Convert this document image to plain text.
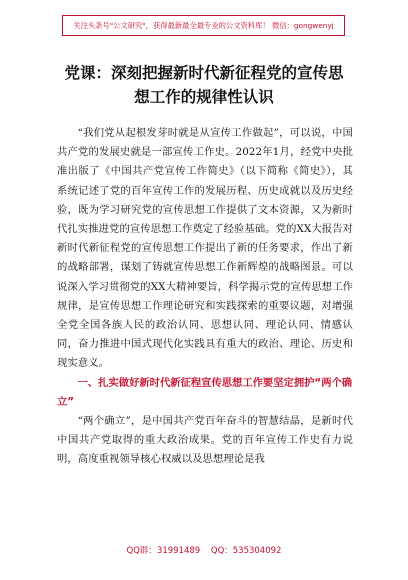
关注头条号"公文研究"，获得最新最全最专业的公文资料库！ 微信：gongwenyj
党课：深刻把握新时代新征程党的宣传思
想工作的规律性认识

“我们党从起根发芽时就是从宣传工作做起”，可以说，中国共产党的发展史就是一部宣传工作史。2022年1月，经党中央批准出版了《中国共产党宣传工作简史》（以下简称《简史》），其系统记述了党的百年宣传工作的发展历程、历史成就以及历史经验，既为学习研究党的宣传思想工作提供了文本资源，又为新时代扎实推进党的宣传思想工作奠定了经验基础。党的XX大报告对新时代新征程党的宣传思想工作提出了新的任务要求，作出了新的战略部署，谋划了铸就宣传思想工作新辉煌的战略图景。可以说深入学习贯彻党的XX大精神要旨，科学揭示党的宣传思想工作规律，是宣传思想工作理论研究和实践探索的重要议题，对增强全党全国各族人民的政治认同、思想认同、理论认同、情感认同，奋力推进中国式现代化实践具有重大的政治、理论、历史和现实意义。

一、扎实做好新时代新征程宣传思想工作要坚定拥护“两个确立”

“两个确立”，是中国共产党百年奋斗的智慧结晶，是新时代中国共产党取得的重大政治成果。党的百年宣传工作史有力说明，高度重视领导核心权威以及思想理论是我

QQ群：31991489 QQ：535304092
